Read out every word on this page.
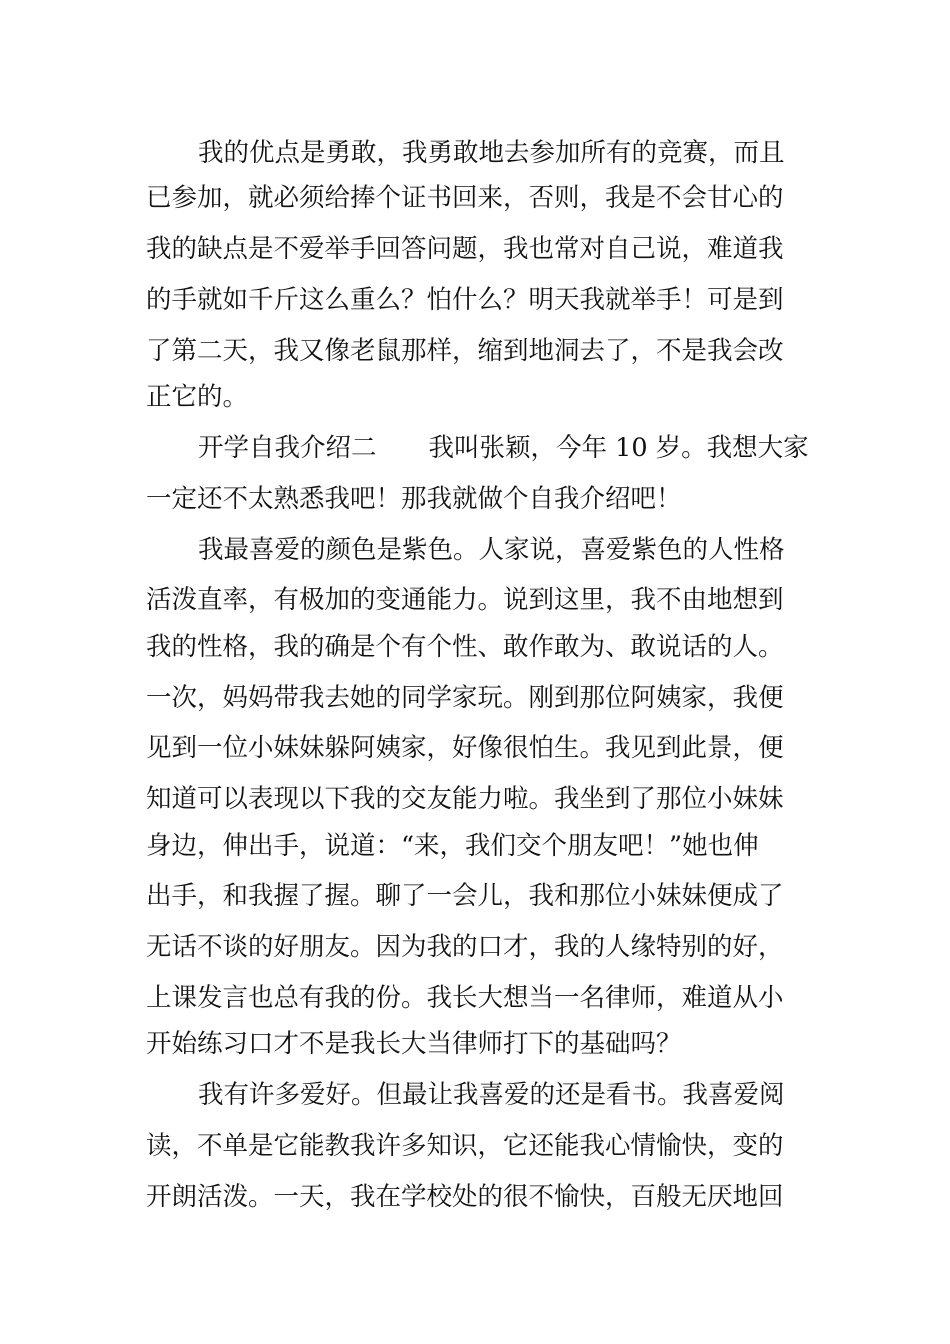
我的优点是勇敢，我勇敢地去参加所有的竞赛，而且
已参加，就必须给捧个证书回来，否则，我是不会甘心的
我的缺点是不爱举手回答问题，我也常对自己说，难道我
的手就如千斤这么重么？怕什么？明天我就举手！可是到
了第二天，我又像老鼠那样，缩到地洞去了，不是我会改
正它的。
开学自我介绍二 我叫张颖，今年 10 岁。我想大家
一定还不太熟悉我吧！那我就做个自我介绍吧！
我最喜爱的颜色是紫色。人家说，喜爱紫色的人性格
活泼直率，有极加的变通能力。说到这里，我不由地想到
我的性格，我的确是个有个性、敢作敢为、敢说话的人。
一次，妈妈带我去她的同学家玩。刚到那位阿姨家，我便
见到一位小妹妹躲阿姨家，好像很怕生。我见到此景，便
知道可以表现以下我的交友能力啦。我坐到了那位小妹妹
身边，伸出手，说道：“来，我们交个朋友吧！”她也伸
出手，和我握了握。聊了一会儿，我和那位小妹妹便成了
无话不谈的好朋友。因为我的口才，我的人缘特别的好，
上课发言也总有我的份。我长大想当一名律师，难道从小
开始练习口才不是我长大当律师打下的基础吗？
我有许多爱好。但最让我喜爱的还是看书。我喜爱阅
读，不单是它能教我许多知识，它还能我心情愉快，变的
开朗活泼。一天，我在学校处的很不愉快，百般无厌地回
